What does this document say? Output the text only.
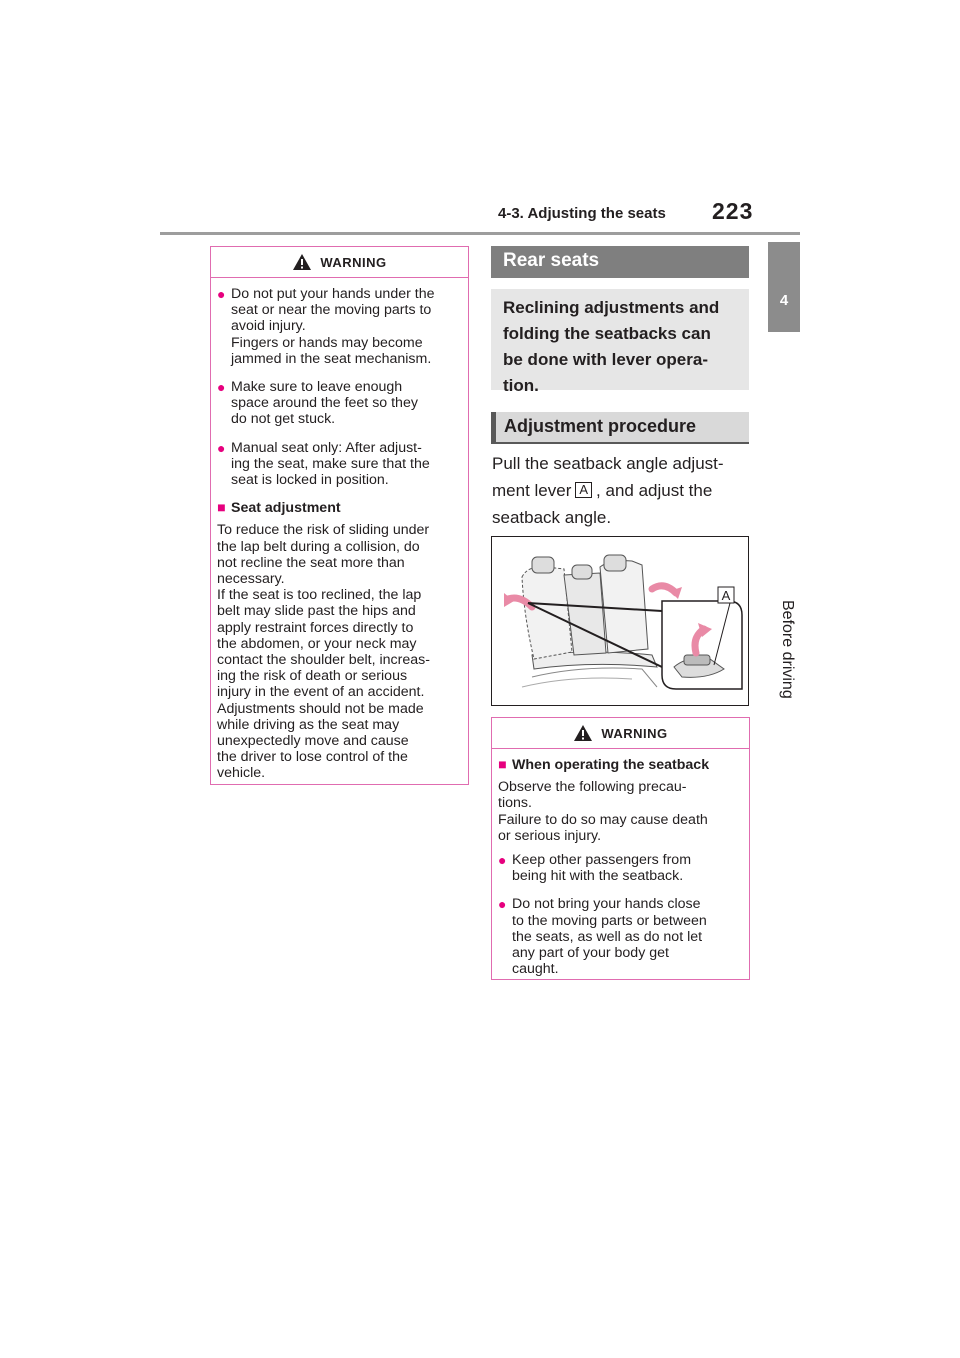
4-3. Adjusting the seats 223
4
Before driving
WARNING
● Do not put your hands under the
seat or near the moving parts to
avoid injury.
Fingers or hands may become
jammed in the seat mechanism.
● Make sure to leave enough
space around the feet so they
do not get stuck.
● Manual seat only: After adjust-
ing the seat, make sure that the
seat is locked in position.
■ Seat adjustment
To reduce the risk of sliding under
the lap belt during a collision, do
not recline the seat more than
necessary.
If the seat is too reclined, the lap
belt may slide past the hips and
apply restraint forces directly to
the abdomen, or your neck may
contact the shoulder belt, increas-
ing the risk of death or serious
injury in the event of an accident.
Adjustments should not be made
while driving as the seat may
unexpectedly move and cause
the driver to lose control of the
vehicle.
Rear seats
Reclining adjustments and
folding the seatbacks can
be done with lever opera-
tion.
Adjustment procedure
Pull the seatback angle adjust-
ment lever A , and adjust the
seatback angle.
A
WARNING
■ When operating the seatback
Observe the following precau-
tions.
Failure to do so may cause death
or serious injury.
● Keep other passengers from
being hit with the seatback.
● Do not bring your hands close
to the moving parts or between
the seats, as well as do not let
any part of your body get
caught.
